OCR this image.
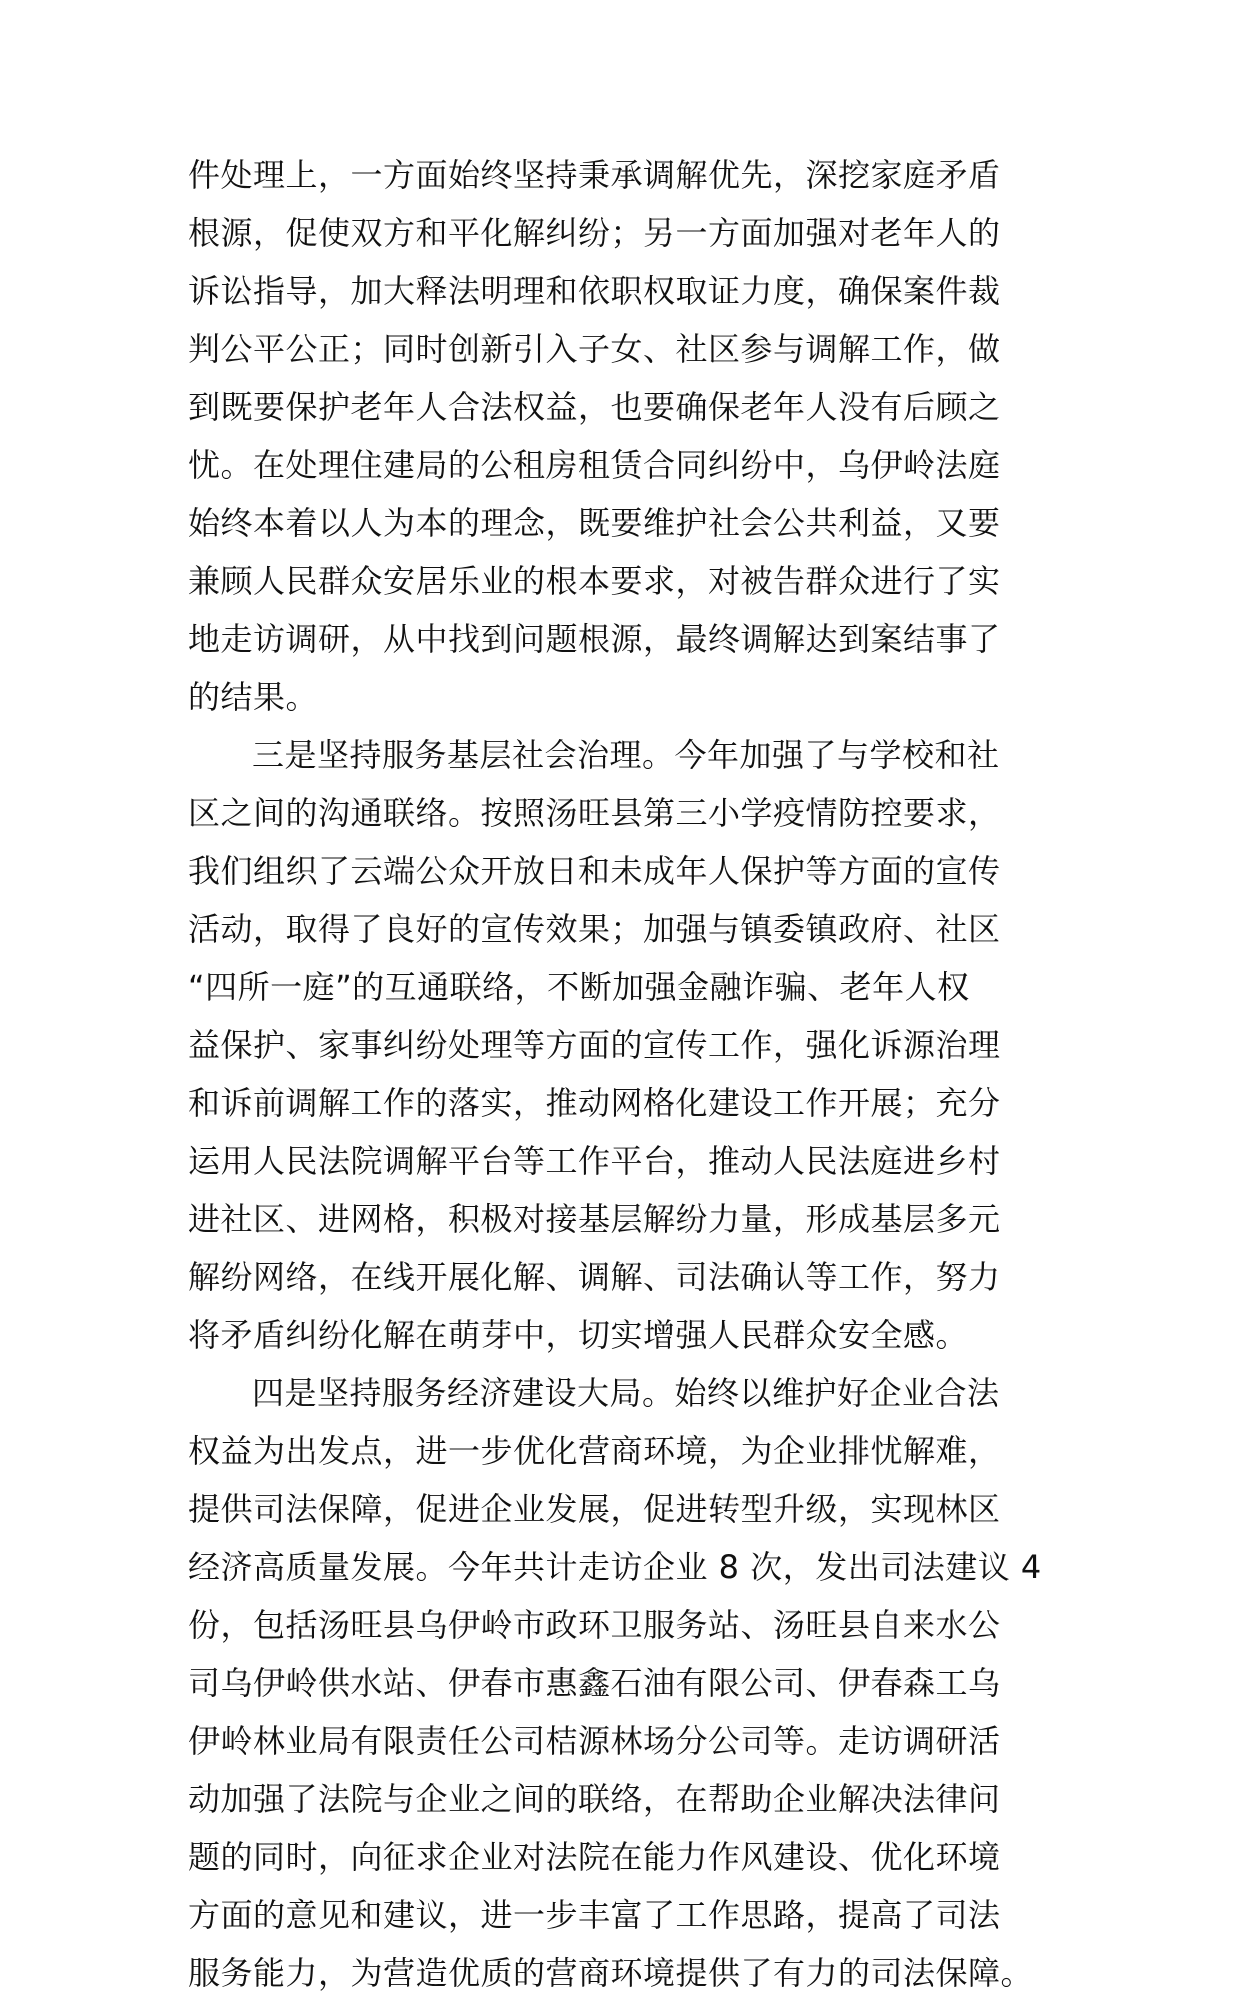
件处理上，一方面始终坚持秉承调解优先，深挖家庭矛盾
根源，促使双方和平化解纠纷；另一方面加强对老年人的
诉讼指导，加大释法明理和依职权取证力度，确保案件裁
判公平公正；同时创新引入子女、社区参与调解工作，做
到既要保护老年人合法权益，也要确保老年人没有后顾之
忧。在处理住建局的公租房租赁合同纠纷中，乌伊岭法庭
始终本着以人为本的理念，既要维护社会公共利益，又要
兼顾人民群众安居乐业的根本要求，对被告群众进行了实
地走访调研，从中找到问题根源，最终调解达到案结事了
的结果。
三是坚持服务基层社会治理。今年加强了与学校和社
区之间的沟通联络。按照汤旺县第三小学疫情防控要求，
我们组织了云端公众开放日和未成年人保护等方面的宣传
活动，取得了良好的宣传效果；加强与镇委镇政府、社区
“四所一庭”的互通联络，不断加强金融诈骗、老年人权
益保护、家事纠纷处理等方面的宣传工作，强化诉源治理
和诉前调解工作的落实，推动网格化建设工作开展；充分
运用人民法院调解平台等工作平台，推动人民法庭进乡村
进社区、进网格，积极对接基层解纷力量，形成基层多元
解纷网络，在线开展化解、调解、司法确认等工作，努力
将矛盾纠纷化解在萌芽中，切实增强人民群众安全感。
四是坚持服务经济建设大局。始终以维护好企业合法
权益为出发点，进一步优化营商环境，为企业排忧解难，
提供司法保障，促进企业发展，促进转型升级，实现林区
经济高质量发展。今年共计走访企业 8 次，发出司法建议 4
份，包括汤旺县乌伊岭市政环卫服务站、汤旺县自来水公
司乌伊岭供水站、伊春市惠鑫石油有限公司、伊春森工乌
伊岭林业局有限责任公司桔源林场分公司等。走访调研活
动加强了法院与企业之间的联络，在帮助企业解决法律问
题的同时，向征求企业对法院在能力作风建设、优化环境
方面的意见和建议，进一步丰富了工作思路，提高了司法
服务能力，为营造优质的营商环境提供了有力的司法保障。
